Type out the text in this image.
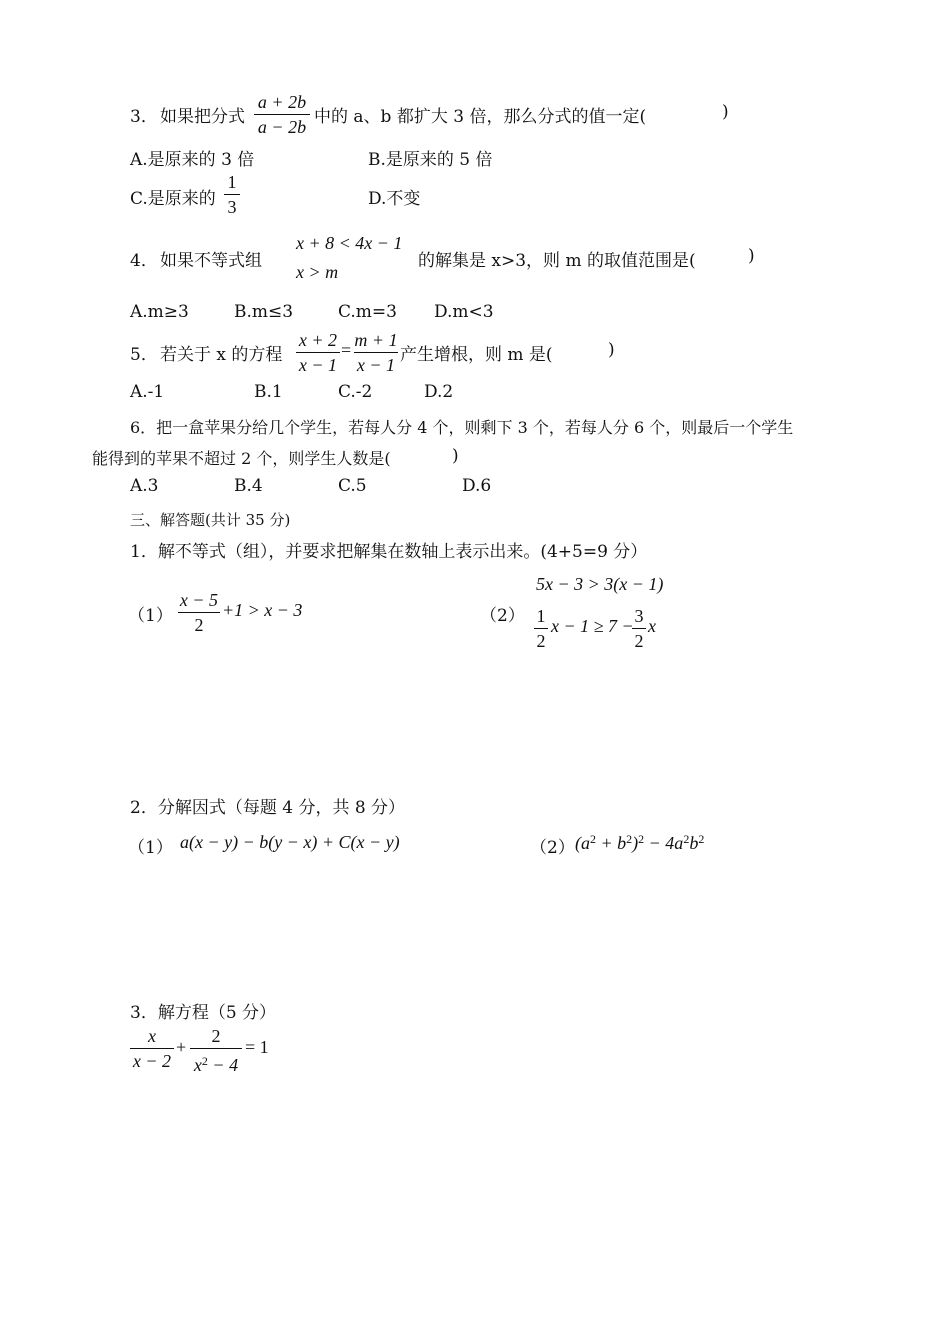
3． 如果把分式
a + 2b
a − 2b 中的 a、b 都扩大 3 倍，那么分式的值一定(	)
A.是原来的 3 倍	B.是原来的 5 倍
C.是原来的
1
3	D.不变
4． 如果不等式组
x + 8 < 4x − 1
x > m
的解集是 x>3，则 m 的取值范围是(	)
A.m≥3	B.m≤3	C.m=3 D.m<3
5． 若关于 x 的方程
x + 2
x − 1
= m + 1
x − 1 产生增根，则 m 是(	)
A.-1	B.1	C.-2	D.2
6．把一盒苹果分给几个学生，若每人分 4 个，则剩下 3 个，若每人分 6 个，则最后一个学生
能得到的苹果不超过 2 个，则学生人数是(	)
A.3	B.4	C.5	D.6
三、解答题(共计 35 分)
1．解不等式（组），并要求把解集在数轴上表示出来。(4+5=9 分）
（1）
x − 5
2
+1 > x − 3	（2）
5x − 3 > 3(x − 1)
1
2
x − 1 ≥ 7 − 3
2
x
2．分解因式（每题 4 分，共 8 分）
（1） a(x − y) − b(y − x) + C(x − y)	（2） $(a^2 + b^2)^2 - 4a^2b^2$
3．解方程（5 分）
x
x − 2
+
2
$x^2 - 4$
= 1
